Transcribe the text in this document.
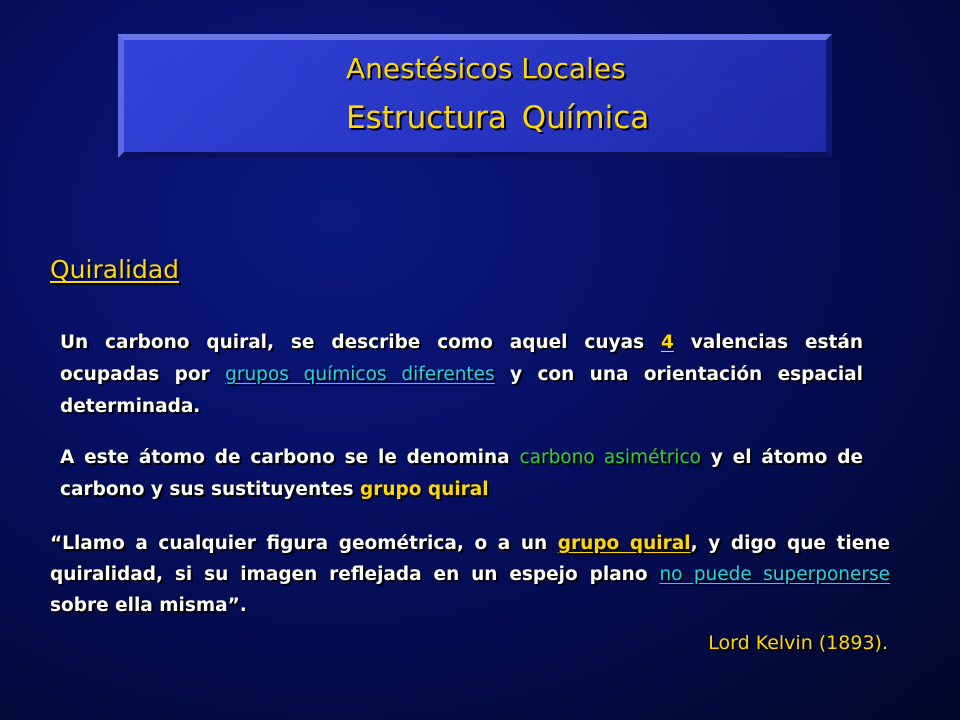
Anestésicos Locales
Estructura Química
Quiralidad

Un carbono quiral, se describe como aquel cuyas 4 valencias están ocupadas por grupos químicos diferentes y con una orientación espacial determinada.

A este átomo de carbono se le denomina carbono asimétrico y el átomo de carbono y sus sustituyentes grupo quiral

“Llamo a cualquier figura geométrica, o a un grupo quiral, y digo que tiene quiralidad, si su imagen reflejada en un espejo plano no puede superponerse sobre ella misma”.

Lord Kelvin (1893).
